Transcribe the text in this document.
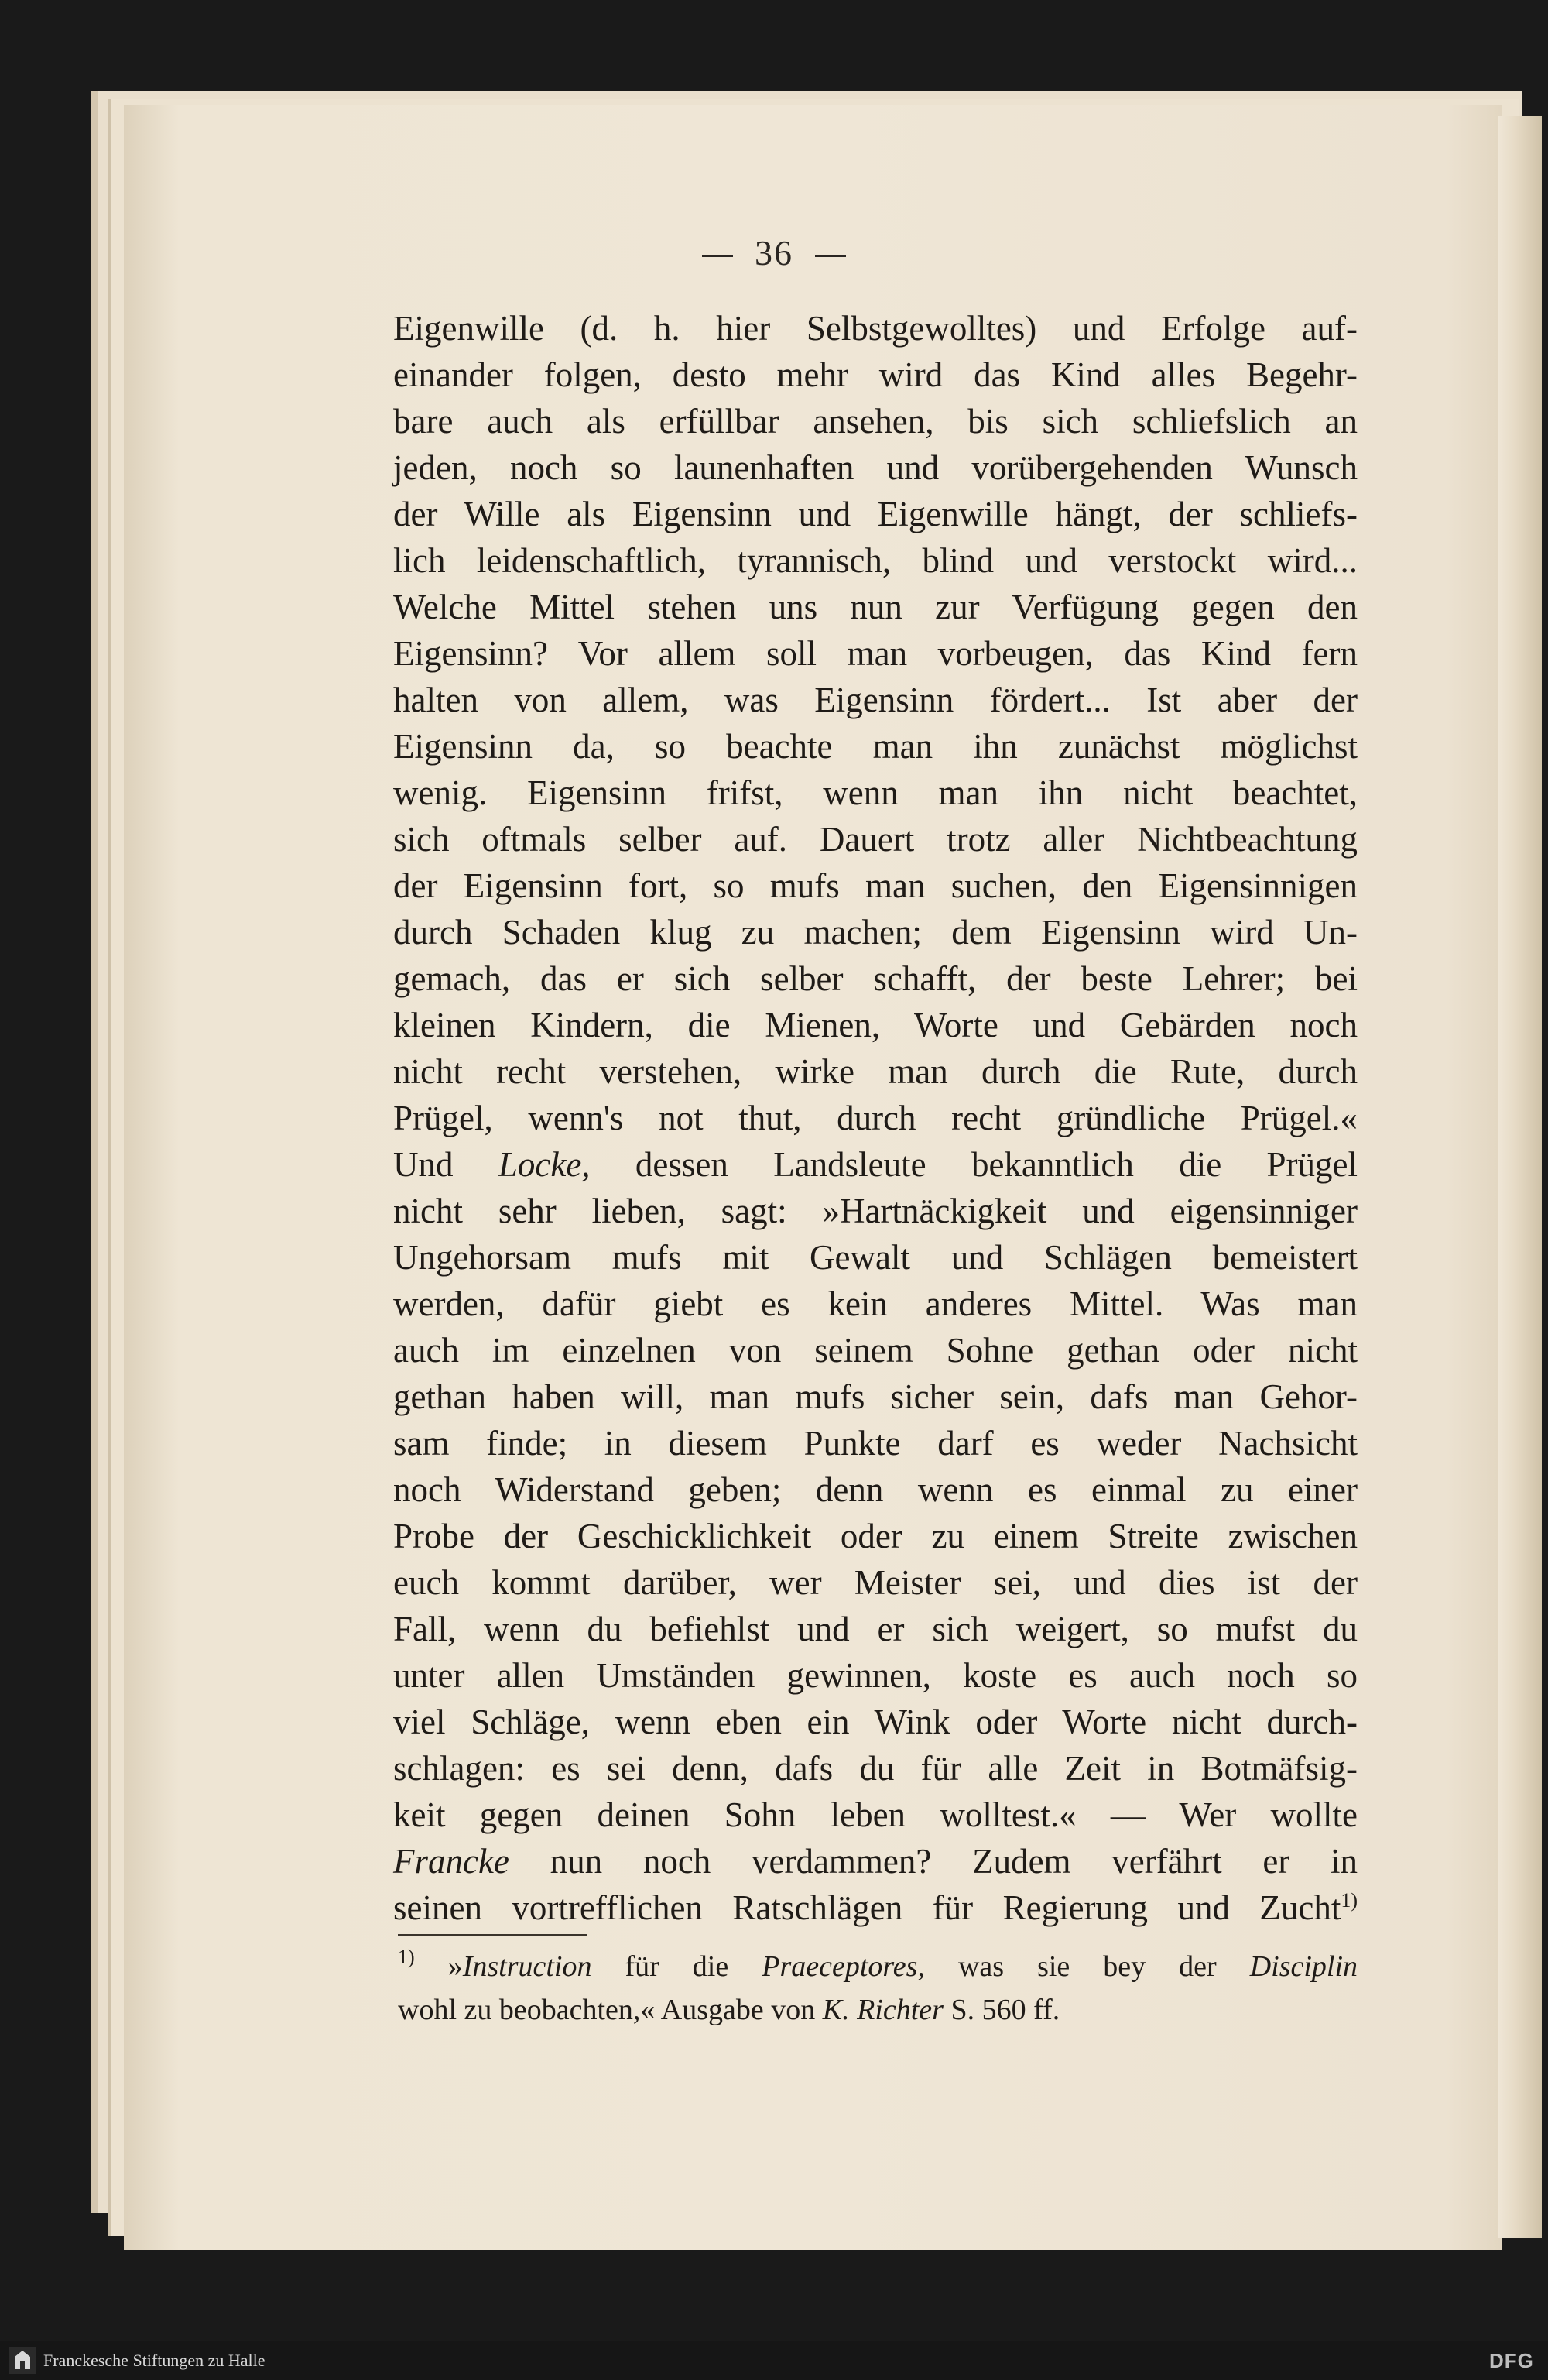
36
Eigenwille (d. h. hier Selbstgewolltes) und Erfolge auf-
einander folgen, desto mehr wird das Kind alles Begehr-
bare auch als erfüllbar ansehen, bis sich schliefslich an
jeden, noch so launenhaften und vorübergehenden Wunsch
der Wille als Eigensinn und Eigenwille hängt, der schliefs-
lich leidenschaftlich, tyrannisch, blind und verstockt wird...
Welche Mittel stehen uns nun zur Verfügung gegen den
Eigensinn? Vor allem soll man vorbeugen, das Kind fern
halten von allem, was Eigensinn fördert... Ist aber der
Eigensinn da, so beachte man ihn zunächst möglichst
wenig. Eigensinn frifst, wenn man ihn nicht beachtet,
sich oftmals selber auf. Dauert trotz aller Nichtbeachtung
der Eigensinn fort, so mufs man suchen, den Eigensinnigen
durch Schaden klug zu machen; dem Eigensinn wird Un-
gemach, das er sich selber schafft, der beste Lehrer; bei
kleinen Kindern, die Mienen, Worte und Gebärden noch
nicht recht verstehen, wirke man durch die Rute, durch
Prügel, wenn's not thut, durch recht gründliche Prügel.«
Und Locke, dessen Landsleute bekanntlich die Prügel
nicht sehr lieben, sagt: »Hartnäckigkeit und eigensinniger
Ungehorsam mufs mit Gewalt und Schlägen bemeistert
werden, dafür giebt es kein anderes Mittel. Was man
auch im einzelnen von seinem Sohne gethan oder nicht
gethan haben will, man mufs sicher sein, dafs man Gehor-
sam finde; in diesem Punkte darf es weder Nachsicht
noch Widerstand geben; denn wenn es einmal zu einer
Probe der Geschicklichkeit oder zu einem Streite zwischen
euch kommt darüber, wer Meister sei, und dies ist der
Fall, wenn du befiehlst und er sich weigert, so mufst du
unter allen Umständen gewinnen, koste es auch noch so
viel Schläge, wenn eben ein Wink oder Worte nicht durch-
schlagen: es sei denn, dafs du für alle Zeit in Botmäfsig-
keit gegen deinen Sohn leben wolltest.« — Wer wollte
Francke nun noch verdammen? Zudem verfährt er in
seinen vortrefflichen Ratschlägen für Regierung und Zucht$^{1)}$
$^{1)}$ »Instruction für die Praeceptores, was sie bey der Disciplin
wohl zu beobachten,« Ausgabe von K. Richter S. 560 ff.
Franckesche Stiftungen zu Halle	DFG
